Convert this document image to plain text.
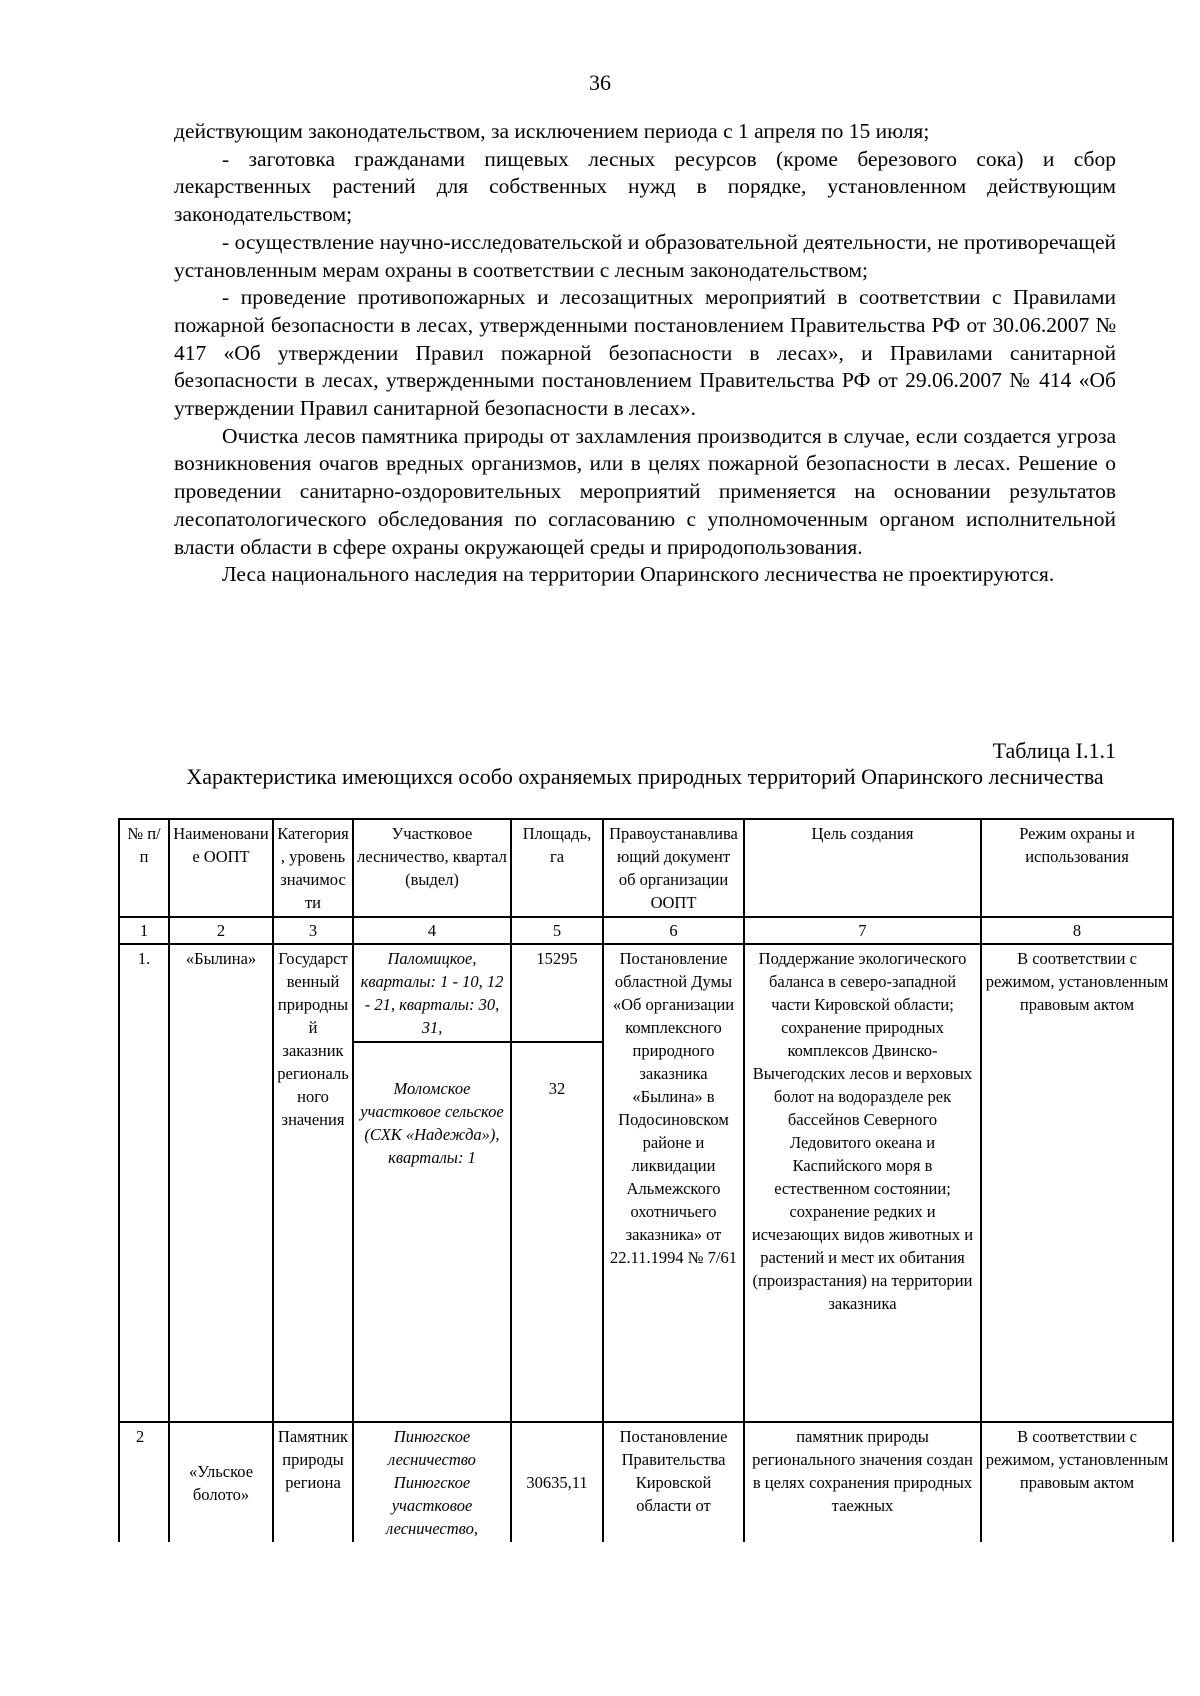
36

действующим законодательством, за исключением периода с 1 апреля по 15 июля;

- заготовка гражданами пищевых лесных ресурсов (кроме березового сока) и сбор лекарственных растений для собственных нужд в порядке, установленном действующим законодательством;

- осуществление научно-исследовательской и образовательной деятельности, не противоречащей установленным мерам охраны в соответствии с лесным законодательством;

- проведение противопожарных и лесозащитных мероприятий в соответствии с Правилами пожарной безопасности в лесах, утвержденными постановлением Правительства РФ от 30.06.2007 № 417 «Об утверждении Правил пожарной безопасности в лесах», и Правилами санитарной безопасности в лесах, утвержденными постановлением Правительства РФ от 29.06.2007 № 414 «Об утверждении Правил санитарной безопасности в лесах».

Очистка лесов памятника природы от захламления производится в случае, если создается угроза возникновения очагов вредных организмов, или в целях пожарной безопасности в лесах. Решение о проведении санитарно-оздоровительных мероприятий применяется на основании результатов лесопатологического обследования по согласованию с уполномоченным органом исполнительной власти области в сфере охраны окружающей среды и природопользования.

Леса национального наследия на территории Опаринского лесничества не проектируются.

Таблица I.1.1
Характеристика имеющихся особо охраняемых природных территорий Опаринского лесничества
№ п/п	Наименование ООПТ	Категория, уровень значимости	Участковое лесничество, квартал (выдел)	Площадь, га	Правоустанавливающий документ об организации ООПТ	Цель создания	Режим охраны и использования
1	2	3	4	5	6	7	8
1.	«Былина»	Государственный природный заказник регионального значения	Паломицкое, кварталы: 1 - 10, 12 - 21, кварталы: 30, 31,	15295	Постановление областной Думы «Об организации комплексного природного заказника «Былина» в Подосиновском районе и ликвидации Альмежского охотничьего заказника» от 22.11.1994 № 7/61	Поддержание экологического баланса в северо-западной части Кировской области; сохранение природных комплексов Двинско-Вычегодских лесов и верховых болот на водоразделе рек бассейнов Северного Ледовитого океана и Каспийского моря в естественном состоянии; сохранение редких и исчезающих видов животных и растений и мест их обитания (произрастания) на территории заказника	В соответствии с режимом, установленным правовым актом
			Моломское участковое сельское (СХК «Надежда»), кварталы: 1	32			
2	«Ульское болото»	Памятник природы региона	Пинюгское лесничество Пинюгское участковое лесничество,	30635,11	Постановление Правительства Кировской области от	памятник природы регионального значения создан в целях сохранения природных таежных	В соответствии с режимом, установленным правовым актом
